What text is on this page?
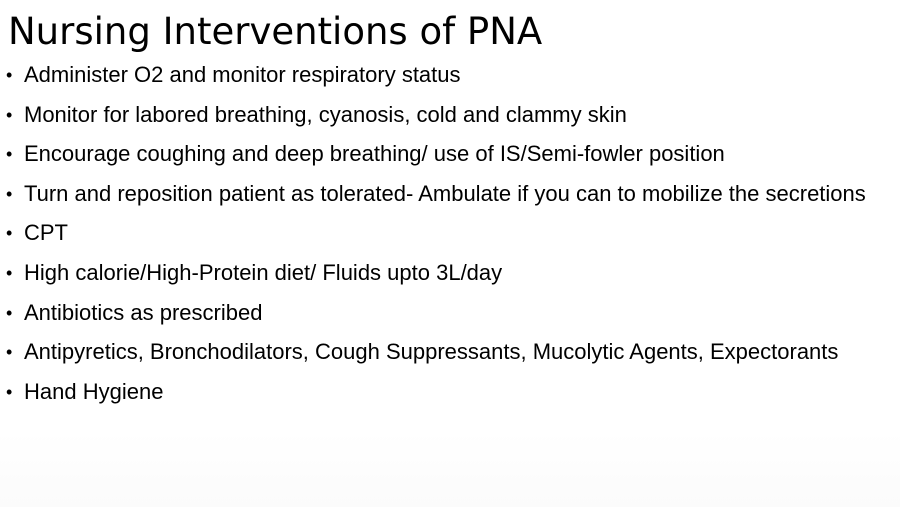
Nursing Interventions of PNA
• Administer O2 and monitor respiratory status
• Monitor for labored breathing, cyanosis, cold and clammy skin
• Encourage coughing and deep breathing/ use of IS/Semi-fowler position
• Turn and reposition patient as tolerated- Ambulate if you can to mobilize the secretions
• CPT
• High calorie/High-Protein diet/ Fluids upto 3L/day
• Antibiotics as prescribed
• Antipyretics, Bronchodilators, Cough Suppressants, Mucolytic Agents, Expectorants
• Hand Hygiene
